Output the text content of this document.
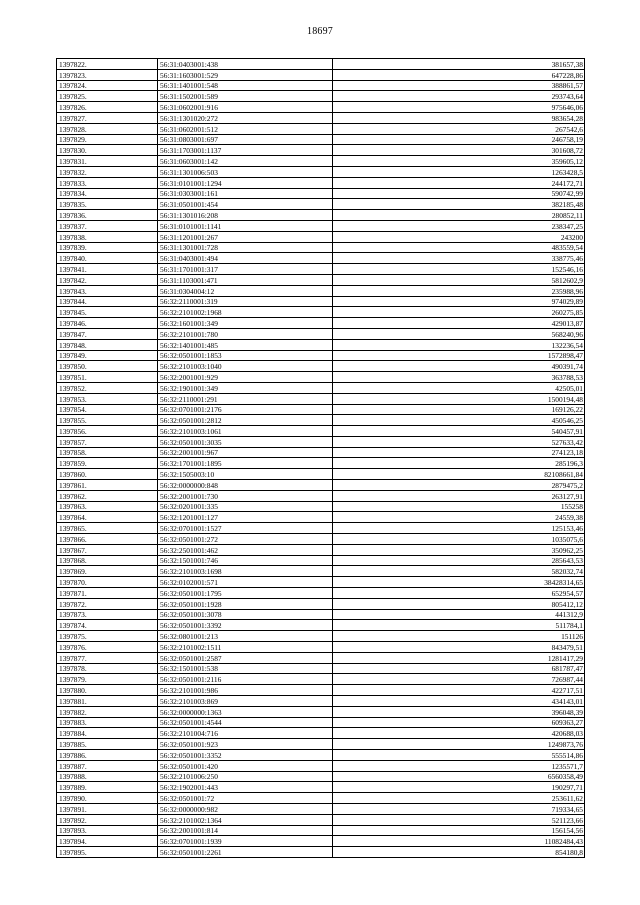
18697
1397822.	56:31:0403001:438	381657,38
1397823.	56:31:1603001:529	647228,86
1397824.	56:31:1401001:548	388861,57
1397825.	56:31:1502001:589	293743,64
1397826.	56:31:0602001:916	975646,06
1397827.	56:31:1301020:272	983654,28
1397828.	56:31:0602001:512	267542,6
1397829.	56:31:0803001:697	246758,19
1397830.	56:31:1703001:1137	301608,72
1397831.	56:31:0603001:142	359605,12
1397832.	56:31:1301006:503	1263428,5
1397833.	56:31:0101001:1294	244172,71
1397834.	56:31:0303001:161	590742,99
1397835.	56:31:0501001:454	382185,48
1397836.	56:31:1301016:208	280852,11
1397837.	56:31:0101001:1141	238347,25
1397838.	56:31:1201001:267	243200
1397839.	56:31:1301001:728	483559,54
1397840.	56:31:0403001:494	338775,46
1397841.	56:31:1701001:317	152546,16
1397842.	56:31:1103001:471	5812602,9
1397843.	56:31:0304004:12	235988,96
1397844.	56:32:2110001:319	974029,89
1397845.	56:32:2101002:1968	260275,85
1397846.	56:32:1601001:349	429013,87
1397847.	56:32:2101001:780	568240,96
1397848.	56:32:1401001:485	132236,54
1397849.	56:32:0501001:1853	1572898,47
1397850.	56:32:2101003:1040	490391,74
1397851.	56:32:2001001:929	363788,53
1397852.	56:32:1901001:349	42505,01
1397853.	56:32:2110001:291	1500194,48
1397854.	56:32:0701001:2176	169126,22
1397855.	56:32:0501001:2812	450546,25
1397856.	56:32:2101003:1061	540457,91
1397857.	56:32:0501001:3035	527633,42
1397858.	56:32:2001001:967	274123,18
1397859.	56:32:1701001:1895	285196,3
1397860.	56:32:1505003:10	82108661,84
1397861.	56:32:0000000:848	2879475,2
1397862.	56:32:2001001:730	263127,91
1397863.	56:32:0201001:335	155258
1397864.	56:32:1201001:127	24559,38
1397865.	56:32:0701001:1527	125153,46
1397866.	56:32:0501001:272	1035075,6
1397867.	56:32:2501001:462	350962,25
1397868.	56:32:1501001:746	285643,53
1397869.	56:32:2101003:1698	582032,74
1397870.	56:32:0102001:571	38428314,65
1397871.	56:32:0501001:1795	652954,57
1397872.	56:32:0501001:1928	805412,12
1397873.	56:32:0501001:3078	441312,9
1397874.	56:32:0501001:3392	511784,1
1397875.	56:32:0801001:213	151126
1397876.	56:32:2101002:1511	843479,51
1397877.	56:32:0501001:2587	1281417,29
1397878.	56:32:1501001:538	681787,47
1397879.	56:32:0501001:2116	726987,44
1397880.	56:32:2101001:986	422717,51
1397881.	56:32:2101003:869	434143,01
1397882.	56:32:0000000:1363	396048,39
1397883.	56:32:0501001:4544	609363,27
1397884.	56:32:2101004:716	420688,03
1397885.	56:32:0501001:923	1249873,76
1397886.	56:32:0501001:3352	555514,86
1397887.	56:32:0501001:420	1235571,7
1397888.	56:32:2101006:250	6560358,49
1397889.	56:32:1902001:443	190297,71
1397890.	56:32:0501001:72	253611,62
1397891.	56:32:0000000:982	719334,65
1397892.	56:32:2101002:1364	521123,66
1397893.	56:32:2001001:814	156154,56
1397894.	56:32:0701001:1939	11082484,43
1397895.	56:32:0501001:2261	854180,8
